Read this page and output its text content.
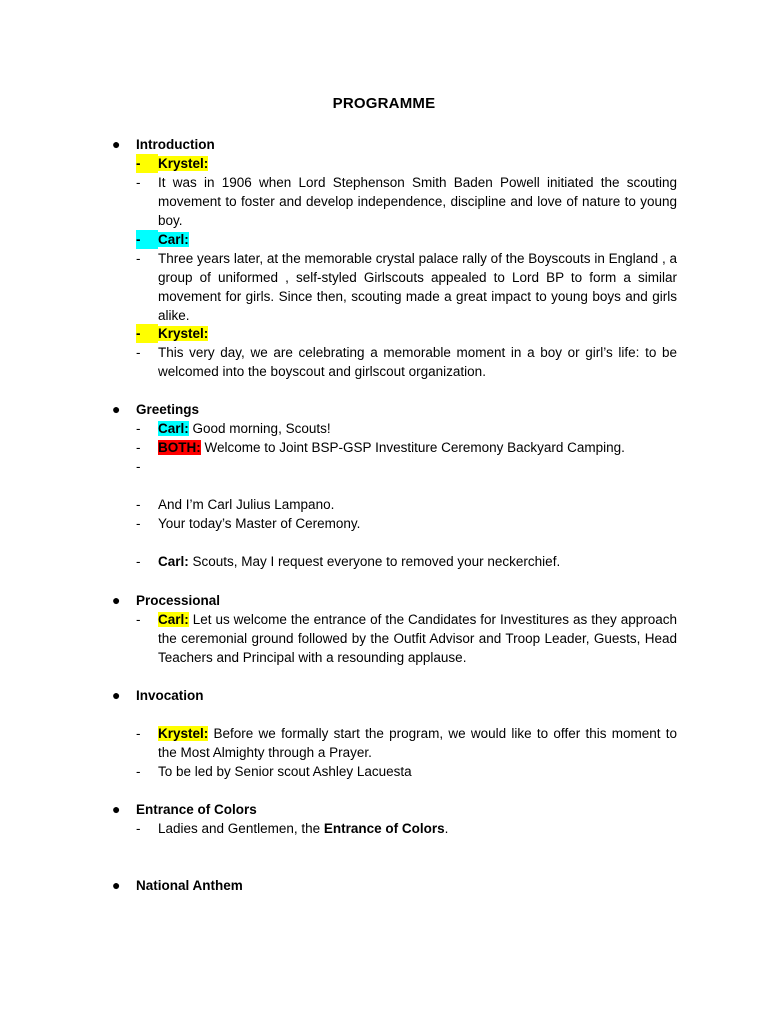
PROGRAMME
● Introduction
-	Krystel:
-	It was in 1906 when Lord Stephenson Smith Baden Powell initiated the scouting movement to foster and develop independence, discipline and love of nature to young boy.
-	Carl:
-	Three years later, at the memorable crystal palace rally of the Boyscouts in England , a group of uniformed , self-styled Girlscouts appealed to Lord BP to form a similar movement for girls. Since then, scouting made a great impact to young boys and girls alike.
-	Krystel:
-	This very day, we are celebrating a memorable moment in a boy or girl’s life: to be welcomed into the boyscout and girlscout organization.
● Greetings
-	Carl: Good morning, Scouts!
-	BOTH: Welcome to Joint BSP-GSP Investiture Ceremony Backyard Camping.
-
-	And I’m Carl Julius Lampano.
-	Your today’s Master of Ceremony.
-	Carl: Scouts, May I request everyone to removed your neckerchief.
● Processional
-	Carl: Let us welcome the entrance of the Candidates for Investitures as they approach the ceremonial ground followed by the Outfit Advisor and Troop Leader, Guests, Head Teachers and Principal with a resounding applause.
● Invocation
-	Krystel: Before we formally start the program, we would like to offer this moment to the Most Almighty through a Prayer.
-	To be led by Senior scout Ashley Lacuesta
● Entrance of Colors
-	Ladies and Gentlemen, the Entrance of Colors.
● National Anthem
